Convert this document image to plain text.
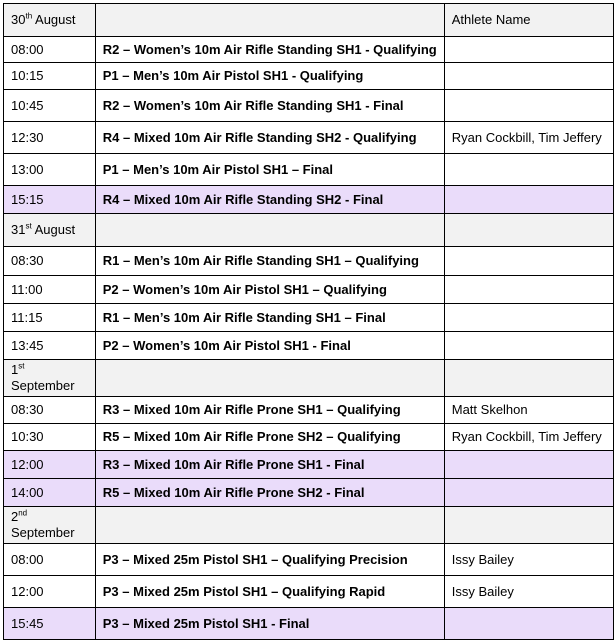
30th August		Athlete Name
08:00	R2 – Women’s 10m Air Rifle Standing SH1 - Qualifying	
10:15	P1 – Men’s 10m Air Pistol SH1 - Qualifying	
10:45	R2 – Women’s 10m Air Rifle Standing SH1 - Final	
12:30	R4 – Mixed 10m Air Rifle Standing SH2 - Qualifying	Ryan Cockbill, Tim Jeffery
13:00	P1 – Men’s 10m Air Pistol SH1 – Final	
15:15	R4 – Mixed 10m Air Rifle Standing SH2 - Final	
31st August		
08:30	R1 – Men’s 10m Air Rifle Standing SH1 – Qualifying	
11:00	P2 – Women’s 10m Air Pistol SH1 – Qualifying	
11:15	R1 – Men’s 10m Air Rifle Standing SH1 – Final	
13:45	P2 – Women’s 10m Air Pistol SH1 - Final	
1st September		
08:30	R3 – Mixed 10m Air Rifle Prone SH1 – Qualifying	Matt Skelhon
10:30	R5 – Mixed 10m Air Rifle Prone SH2 – Qualifying	Ryan Cockbill, Tim Jeffery
12:00	R3 – Mixed 10m Air Rifle Prone SH1 - Final	
14:00	R5 – Mixed 10m Air Rifle Prone SH2 - Final	
2nd September		
08:00	P3 – Mixed 25m Pistol SH1 – Qualifying Precision	Issy Bailey
12:00	P3 – Mixed 25m Pistol SH1 – Qualifying Rapid	Issy Bailey
15:45	P3 – Mixed 25m Pistol SH1 - Final	
